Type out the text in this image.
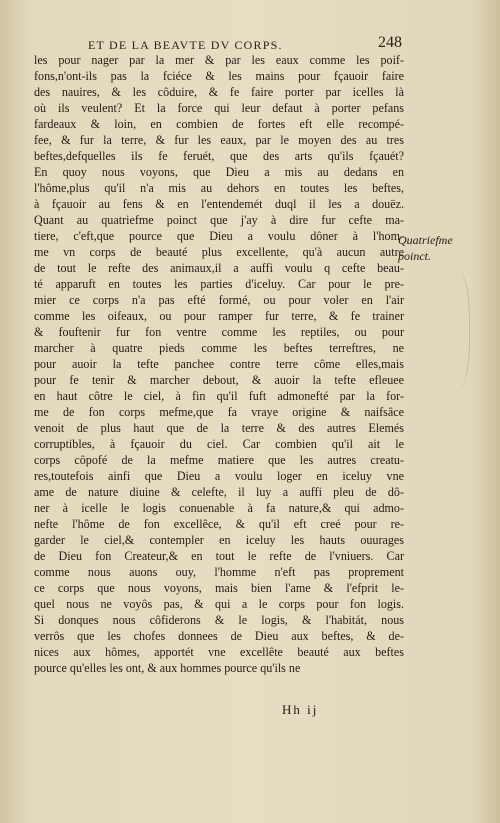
ET DE LA BEAVTE DV CORPS.	248
les pour nager par la mer & par les eaux comme les poif-
fons,n'ont-ils pas la fciéce & les mains pour fçauoir faire
des nauires, & les côduire, & fe faire porter par icelles là
où ils veulent? Et la force qui leur defaut à porter pefans
fardeaux & loin, en combien de fortes eft elle recompé-
fee, & fur la terre, & fur les eaux, par le moyen des au tres
beftes,defquelles ils fe feruét, que des arts qu'ils fçauét?
En quoy nous voyons, que Dieu a mis au dedans en
l'hôme,plus qu'il n'a mis au dehors en toutes les beftes,
à fçauoir au fens & en l'entendemét duql il les a douëz.
Quant au quatriefme poinct que j'ay à dire fur cefte ma-
tiere, c'eft,que pource que Dieu a voulu dôner à l'hom-
me vn corps de beauté plus excellente, qu'à aucun autre
de tout le refte des animaux,il a auffi voulu q cefte beau-
té apparuft en toutes les parties d'iceluy. Car pour le pre-
mier ce corps n'a pas efté formé, ou pour voler en l'air
comme les oifeaux, ou pour ramper fur terre, & fe trainer
& fouftenir fur fon ventre comme les reptiles, ou pour
marcher à quatre pieds comme les beftes terreftres, ne
pour auoir la tefte panchee contre terre côme elles,mais
pour fe tenir & marcher debout, & auoir la tefte efleuee
en haut côtre le ciel, à fin qu'il fuft admonefté par la for-
me de fon corps mefme,que fa vraye origine & naifsâce
venoit de plus haut que de la terre & des autres Elemés
corruptibles, à fçauoir du ciel. Car combien qu'il ait le
corps côpofé de la mefme matiere que les autres creatu-
res,toutefois ainfi que Dieu a voulu loger en iceluy vne
ame de nature diuine & celefte, il luy a auffi pleu de dô-
ner à icelle le logis conuenable à fa nature,& qui admo-
nefte l'hôme de fon excellêce, & qu'il eft creé pour re-
garder le ciel,& contempler en iceluy les hauts ouurages
de Dieu fon Createur,& en tout le refte de l'vniuers. Car
comme nous auons ouy, l'homme n'eft pas proprement
ce corps que nous voyons, mais bien l'ame & l'efprit le-
quel nous ne voyôs pas, & qui a le corps pour fon logis.
Si donques nous côfiderons & le logis, & l'habitát, nous
verrôs que les chofes donnees de Dieu aux beftes, & de-
nices aux hômes, apportét vne excellête beauté aux beftes
pource qu'elles les ont, & aux hommes pource qu'ils ne
Quatriefme
poinct.
Hh ij
